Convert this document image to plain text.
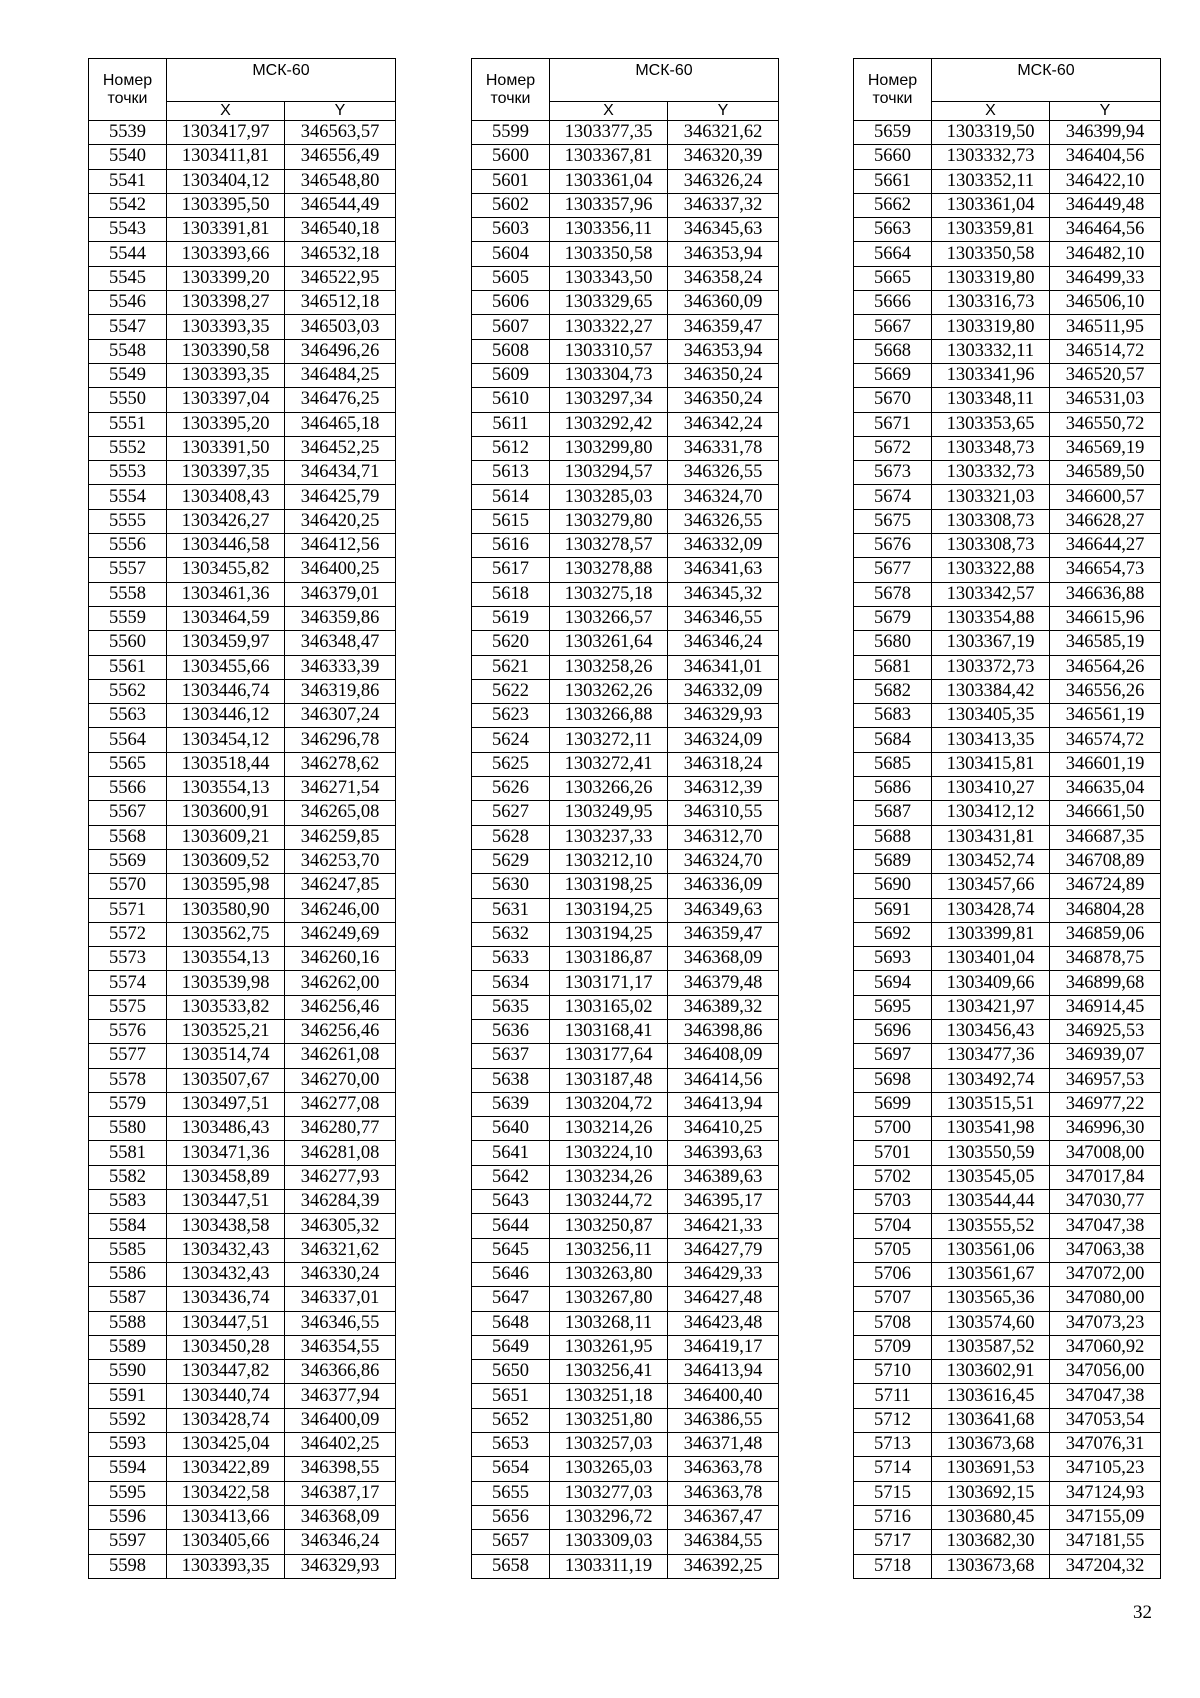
Номер
точки	МСК-60	
	X	Y
5539	1303417,97	346563,57
5540	1303411,81	346556,49
5541	1303404,12	346548,80
5542	1303395,50	346544,49
5543	1303391,81	346540,18
5544	1303393,66	346532,18
5545	1303399,20	346522,95
5546	1303398,27	346512,18
5547	1303393,35	346503,03
5548	1303390,58	346496,26
5549	1303393,35	346484,25
5550	1303397,04	346476,25
5551	1303395,20	346465,18
5552	1303391,50	346452,25
5553	1303397,35	346434,71
5554	1303408,43	346425,79
5555	1303426,27	346420,25
5556	1303446,58	346412,56
5557	1303455,82	346400,25
5558	1303461,36	346379,01
5559	1303464,59	346359,86
5560	1303459,97	346348,47
5561	1303455,66	346333,39
5562	1303446,74	346319,86
5563	1303446,12	346307,24
5564	1303454,12	346296,78
5565	1303518,44	346278,62
5566	1303554,13	346271,54
5567	1303600,91	346265,08
5568	1303609,21	346259,85
5569	1303609,52	346253,70
5570	1303595,98	346247,85
5571	1303580,90	346246,00
5572	1303562,75	346249,69
5573	1303554,13	346260,16
5574	1303539,98	346262,00
5575	1303533,82	346256,46
5576	1303525,21	346256,46
5577	1303514,74	346261,08
5578	1303507,67	346270,00
5579	1303497,51	346277,08
5580	1303486,43	346280,77
5581	1303471,36	346281,08
5582	1303458,89	346277,93
5583	1303447,51	346284,39
5584	1303438,58	346305,32
5585	1303432,43	346321,62
5586	1303432,43	346330,24
5587	1303436,74	346337,01
5588	1303447,51	346346,55
5589	1303450,28	346354,55
5590	1303447,82	346366,86
5591	1303440,74	346377,94
5592	1303428,74	346400,09
5593	1303425,04	346402,25
5594	1303422,89	346398,55
5595	1303422,58	346387,17
5596	1303413,66	346368,09
5597	1303405,66	346346,24
5598	1303393,35	346329,93
Номер
точки	МСК-60	
	X	Y
5599	1303377,35	346321,62
5600	1303367,81	346320,39
5601	1303361,04	346326,24
5602	1303357,96	346337,32
5603	1303356,11	346345,63
5604	1303350,58	346353,94
5605	1303343,50	346358,24
5606	1303329,65	346360,09
5607	1303322,27	346359,47
5608	1303310,57	346353,94
5609	1303304,73	346350,24
5610	1303297,34	346350,24
5611	1303292,42	346342,24
5612	1303299,80	346331,78
5613	1303294,57	346326,55
5614	1303285,03	346324,70
5615	1303279,80	346326,55
5616	1303278,57	346332,09
5617	1303278,88	346341,63
5618	1303275,18	346345,32
5619	1303266,57	346346,55
5620	1303261,64	346346,24
5621	1303258,26	346341,01
5622	1303262,26	346332,09
5623	1303266,88	346329,93
5624	1303272,11	346324,09
5625	1303272,41	346318,24
5626	1303266,26	346312,39
5627	1303249,95	346310,55
5628	1303237,33	346312,70
5629	1303212,10	346324,70
5630	1303198,25	346336,09
5631	1303194,25	346349,63
5632	1303194,25	346359,47
5633	1303186,87	346368,09
5634	1303171,17	346379,48
5635	1303165,02	346389,32
5636	1303168,41	346398,86
5637	1303177,64	346408,09
5638	1303187,48	346414,56
5639	1303204,72	346413,94
5640	1303214,26	346410,25
5641	1303224,10	346393,63
5642	1303234,26	346389,63
5643	1303244,72	346395,17
5644	1303250,87	346421,33
5645	1303256,11	346427,79
5646	1303263,80	346429,33
5647	1303267,80	346427,48
5648	1303268,11	346423,48
5649	1303261,95	346419,17
5650	1303256,41	346413,94
5651	1303251,18	346400,40
5652	1303251,80	346386,55
5653	1303257,03	346371,48
5654	1303265,03	346363,78
5655	1303277,03	346363,78
5656	1303296,72	346367,47
5657	1303309,03	346384,55
5658	1303311,19	346392,25
Номер
точки	МСК-60	
	X	Y
5659	1303319,50	346399,94
5660	1303332,73	346404,56
5661	1303352,11	346422,10
5662	1303361,04	346449,48
5663	1303359,81	346464,56
5664	1303350,58	346482,10
5665	1303319,80	346499,33
5666	1303316,73	346506,10
5667	1303319,80	346511,95
5668	1303332,11	346514,72
5669	1303341,96	346520,57
5670	1303348,11	346531,03
5671	1303353,65	346550,72
5672	1303348,73	346569,19
5673	1303332,73	346589,50
5674	1303321,03	346600,57
5675	1303308,73	346628,27
5676	1303308,73	346644,27
5677	1303322,88	346654,73
5678	1303342,57	346636,88
5679	1303354,88	346615,96
5680	1303367,19	346585,19
5681	1303372,73	346564,26
5682	1303384,42	346556,26
5683	1303405,35	346561,19
5684	1303413,35	346574,72
5685	1303415,81	346601,19
5686	1303410,27	346635,04
5687	1303412,12	346661,50
5688	1303431,81	346687,35
5689	1303452,74	346708,89
5690	1303457,66	346724,89
5691	1303428,74	346804,28
5692	1303399,81	346859,06
5693	1303401,04	346878,75
5694	1303409,66	346899,68
5695	1303421,97	346914,45
5696	1303456,43	346925,53
5697	1303477,36	346939,07
5698	1303492,74	346957,53
5699	1303515,51	346977,22
5700	1303541,98	346996,30
5701	1303550,59	347008,00
5702	1303545,05	347017,84
5703	1303544,44	347030,77
5704	1303555,52	347047,38
5705	1303561,06	347063,38
5706	1303561,67	347072,00
5707	1303565,36	347080,00
5708	1303574,60	347073,23
5709	1303587,52	347060,92
5710	1303602,91	347056,00
5711	1303616,45	347047,38
5712	1303641,68	347053,54
5713	1303673,68	347076,31
5714	1303691,53	347105,23
5715	1303692,15	347124,93
5716	1303680,45	347155,09
5717	1303682,30	347181,55
5718	1303673,68	347204,32
32
